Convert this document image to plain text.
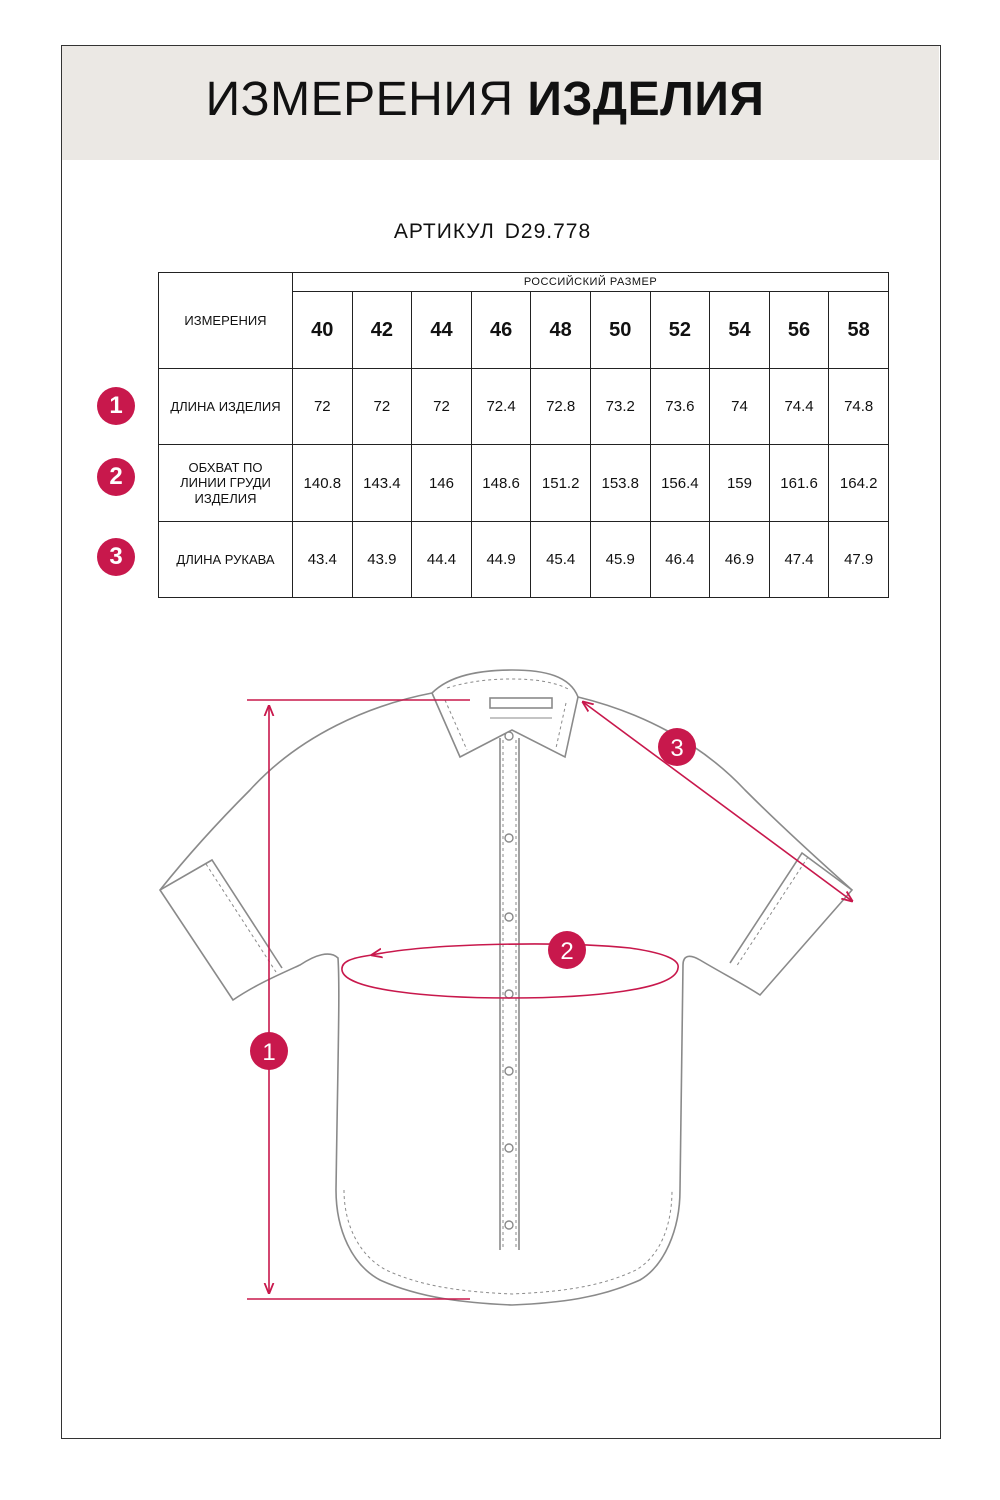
ИЗМЕРЕНИЯ ИЗДЕЛИЯ
АРТИКУЛ D29.778
ИЗМЕРЕНИЯ	РОССИЙСКИЙ РАЗМЕР									
	40	42	44	46	48	50	52	54	56	58
ДЛИНА ИЗДЕЛИЯ	72	72	72	72.4	72.8	73.2	73.6	74	74.4	74.8

ОБХВАТ ПО
ЛИНИИ ГРУДИ
ИЗДЕЛИЯ	140.8	143.4	146	148.6	151.2	153.8	156.4	159	161.6	164.2
ДЛИНА РУКАВА	43.4	43.9	44.4	44.9	45.4	45.9	46.4	46.9	47.4	47.9
1
2
3
1
2
3
